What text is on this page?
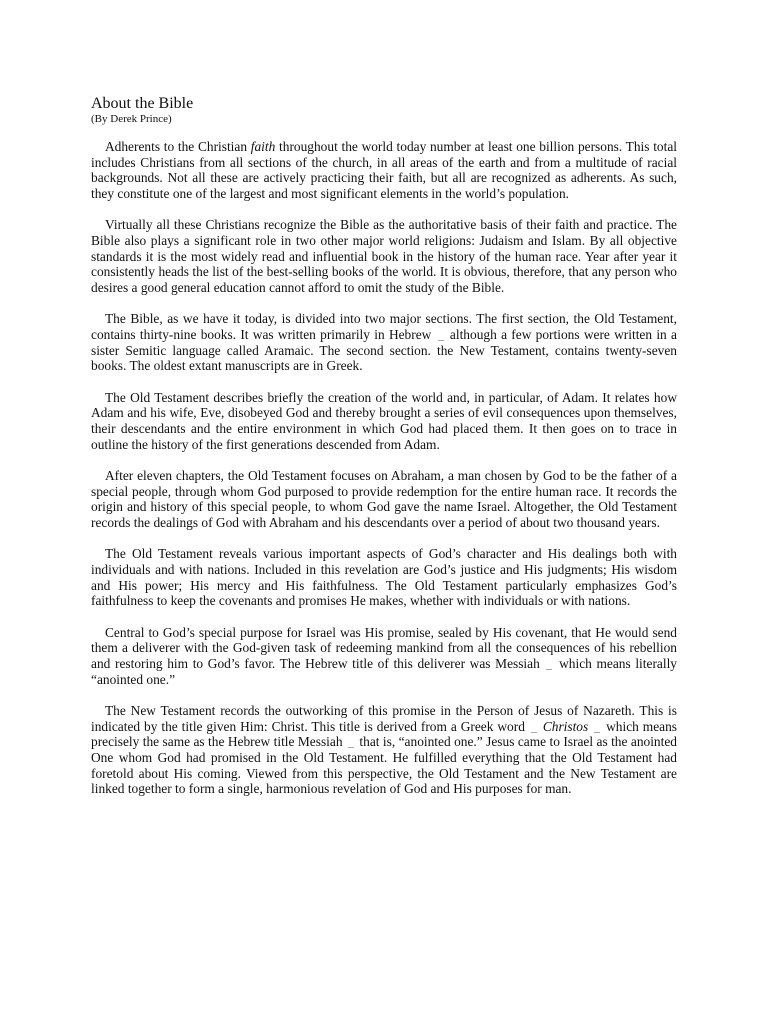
About the Bible
(By Derek Prince)

Adherents to the Christian faith throughout the world today number at least one billion persons. This total includes Christians from all sections of the church, in all areas of the earth and from a multitude of racial backgrounds. Not all these are actively practicing their faith, but all are recognized as adherents. As such, they constitute one of the largest and most significant elements in the world’s population.

Virtually all these Christians recognize the Bible as the authoritative basis of their faith and practice. The Bible also plays a significant role in two other major world religions: Judaism and Islam. By all objective standards it is the most widely read and influential book in the history of the human race. Year after year it consistently heads the list of the best-selling books of the world. It is obvious, therefore, that any person who desires a good general education cannot afford to omit the study of the Bible.

The Bible, as we have it today, is divided into two major sections. The first section, the Old Testament, contains thirty-nine books. It was written primarily in Hebrew although a few portions were written in a sister Semitic language called Aramaic. The second section. the New Testament, contains twenty-seven books. The oldest extant manuscripts are in Greek.

The Old Testament describes briefly the creation of the world and, in particular, of Adam. It relates how Adam and his wife, Eve, disobeyed God and thereby brought a series of evil consequences upon themselves, their descendants and the entire environment in which God had placed them. It then goes on to trace in outline the history of the first generations descended from Adam.

After eleven chapters, the Old Testament focuses on Abraham, a man chosen by God to be the father of a special people, through whom God purposed to provide redemption for the entire human race. It records the origin and history of this special people, to whom God gave the name Israel. Altogether, the Old Testament records the dealings of God with Abraham and his descendants over a period of about two thousand years.

The Old Testament reveals various important aspects of God’s character and His dealings both with individuals and with nations. Included in this revelation are God’s justice and His judgments; His wisdom and His power; His mercy and His faithfulness. The Old Testament particularly emphasizes God’s faithfulness to keep the covenants and promises He makes, whether with individuals or with nations.

Central to God’s special purpose for Israel was His promise, sealed by His covenant, that He would send them a deliverer with the God-given task of redeeming mankind from all the consequences of his rebellion and restoring him to God’s favor. The Hebrew title of this deliverer was Messiah which means literally “anointed one.”

The New Testament records the outworking of this promise in the Person of Jesus of Nazareth. This is indicated by the title given Him: Christ. This title is derived from a Greek word Christos which means precisely the same as the Hebrew title Messiah that is, “anointed one.” Jesus came to Israel as the anointed One whom God had promised in the Old Testament. He fulfilled everything that the Old Testament had foretold about His coming. Viewed from this perspective, the Old Testament and the New Testament are linked together to form a single, harmonious revelation of God and His purposes for man.
